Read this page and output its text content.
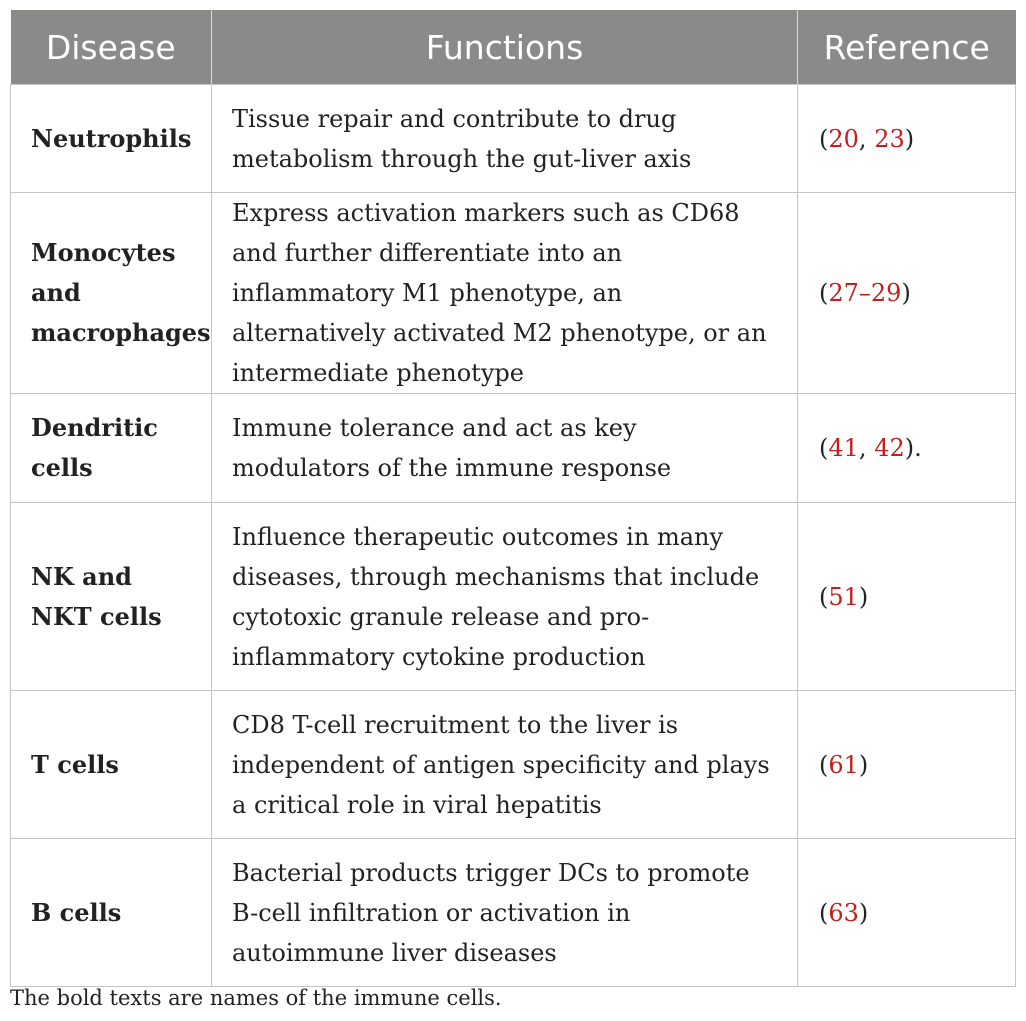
Disease	Functions	Reference
Neutrophils	Tissue repair and contribute to drug metabolism through the gut-liver axis	(20, 23)
Monocytes and macrophages	Express activation markers such as CD68 and further differentiate into an inflammatory M1 phenotype, an alternatively activated M2 phenotype, or an intermediate phenotype	(27–29)
Dendritic cells	Immune tolerance and act as key modulators of the immune response	(41, 42).
NK and NKT cells	Influence therapeutic outcomes in many diseases, through mechanisms that include cytotoxic granule release and pro-inflammatory cytokine production	(51)
T cells	CD8 T-cell recruitment to the liver is independent of antigen specificity and plays a critical role in viral hepatitis	(61)
B cells	Bacterial products trigger DCs to promote B-cell infiltration or activation in autoimmune liver diseases	(63)
The bold texts are names of the immune cells.
